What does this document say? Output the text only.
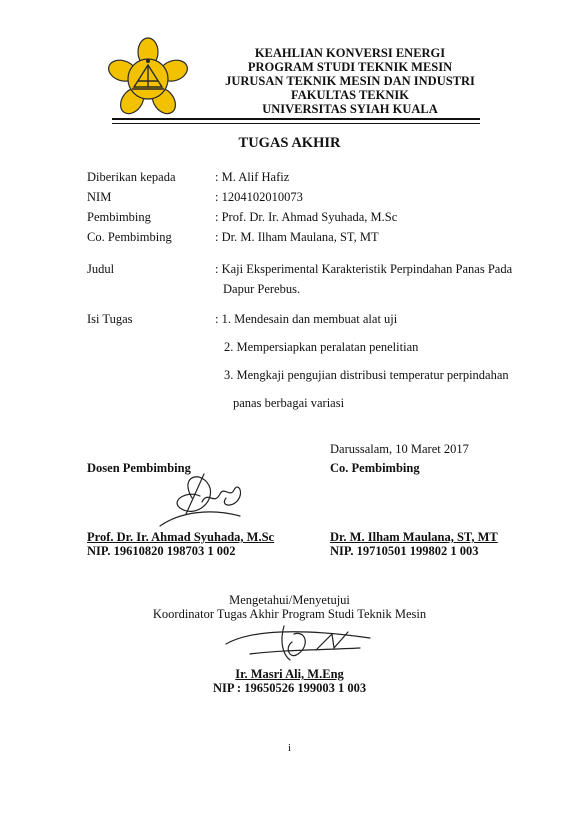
KEAHLIAN KONVERSI ENERGI
PROGRAM STUDI TEKNIK MESIN
JURUSAN TEKNIK MESIN DAN INDUSTRI
FAKULTAS TEKNIK
UNIVERSITAS SYIAH KUALA
TUGAS AKHIR
Diberikan kepada	: M. Alif Hafiz
NIM	: 1204102010073
Pembimbing	: Prof. Dr. Ir. Ahmad Syuhada, M.Sc
Co. Pembimbing	: Dr. M. Ilham Maulana, ST, MT
Judul	: Kaji Eksperimental Karakteristik Perpindahan Panas Pada
Dapur Perebus.
Isi Tugas	: 1. Mendesain dan membuat alat uji
2. Mempersiapkan peralatan penelitian
3. Mengkaji pengujian distribusi temperatur perpindahan
panas berbagai variasi
Darussalam, 10 Maret 2017
Dosen Pembimbing	Co. Pembimbing
Prof. Dr. Ir. Ahmad Syuhada, M.Sc
NIP. 19610820 198703 1 002
Dr. M. Ilham Maulana, ST, MT
NIP. 19710501 199802 1 003
Mengetahui/Menyetujui
Koordinator Tugas Akhir Program Studi Teknik Mesin
Ir. Masri Ali, M.Eng
NIP : 19650526 199003 1 003
i
